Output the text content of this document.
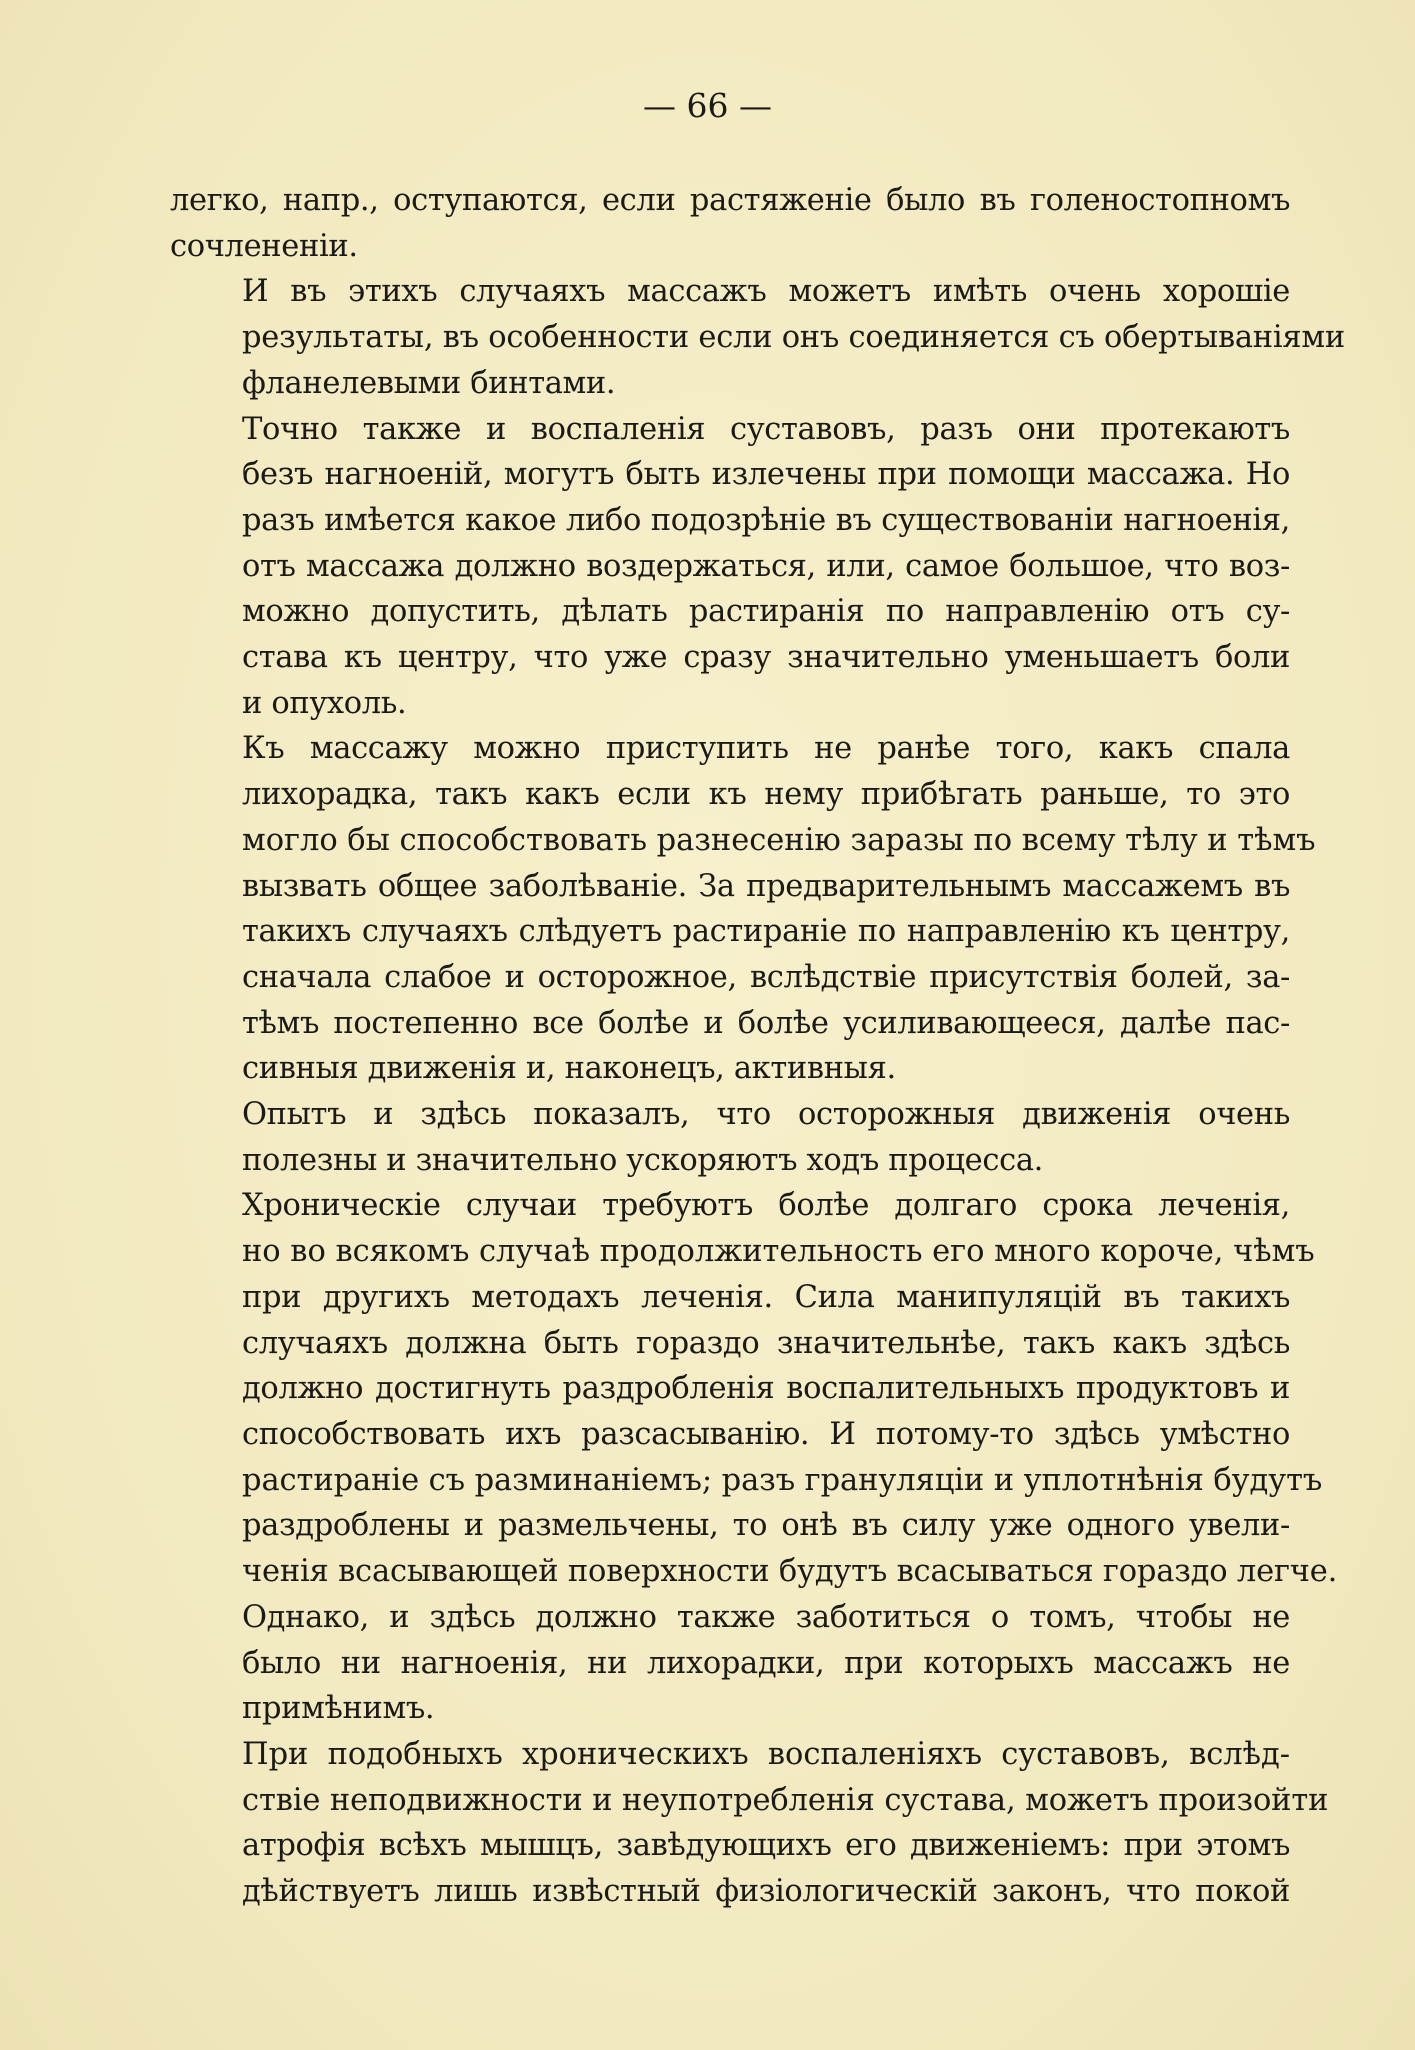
— 66 —

легко, напр., оступаются, если растяженіе было въ голеностопномъ
сочлененіи.

И въ этихъ случаяхъ массажъ можетъ имѣть очень хорошіе
результаты, въ особенности если онъ соединяется съ обертываніями
фланелевыми бинтами.

Точно также и воспаленія суставовъ, разъ они протекаютъ
безъ нагноеній, могутъ быть излечены при помощи массажа. Но
разъ имѣется какое либо подозрѣніе въ существованіи нагноенія,
отъ массажа должно воздержаться, или, самое большое, что воз-
можно допустить, дѣлать растиранія по направленію отъ су-
става къ центру, что уже сразу значительно уменьшаетъ боли
и опухоль.

Къ массажу можно приступить не ранѣе того, какъ спала
лихорадка, такъ какъ если къ нему прибѣгать раньше, то это
могло бы способствовать разнесенію заразы по всему тѣлу и тѣмъ
вызвать общее заболѣваніе. За предварительнымъ массажемъ въ
такихъ случаяхъ слѣдуетъ растираніе по направленію къ центру,
сначала слабое и осторожное, вслѣдствіе присутствія болей, за-
тѣмъ постепенно все болѣе и болѣе усиливающееся, далѣе пас-
сивныя движенія и, наконецъ, активныя.

Опытъ и здѣсь показалъ, что осторожныя движенія очень
полезны и значительно ускоряютъ ходъ процесса.

Хроническіе случаи требуютъ болѣе долгаго срока леченія,
но во всякомъ случаѣ продолжительность его много короче, чѣмъ
при другихъ методахъ леченія. Сила манипуляцій въ такихъ
случаяхъ должна быть гораздо значительнѣе, такъ какъ здѣсь
должно достигнуть раздробленія воспалительныхъ продуктовъ и
способствовать ихъ разсасыванію. И потому-то здѣсь умѣстно
растираніе съ разминаніемъ; разъ грануляціи и уплотнѣнія будутъ
раздроблены и размельчены, то онѣ въ силу уже одного увели-
ченія всасывающей поверхности будутъ всасываться гораздо легче.

Однако, и здѣсь должно также заботиться о томъ, чтобы не
было ни нагноенія, ни лихорадки, при которыхъ массажъ не
примѣнимъ.

При подобныхъ хроническихъ воспаленіяхъ суставовъ, вслѣд-
ствіе неподвижности и неупотребленія сустава, можетъ произойти
атрофія всѣхъ мышцъ, завѣдующихъ его движеніемъ: при этомъ
дѣйствуетъ лишь извѣстный физіологическій законъ, что покой
